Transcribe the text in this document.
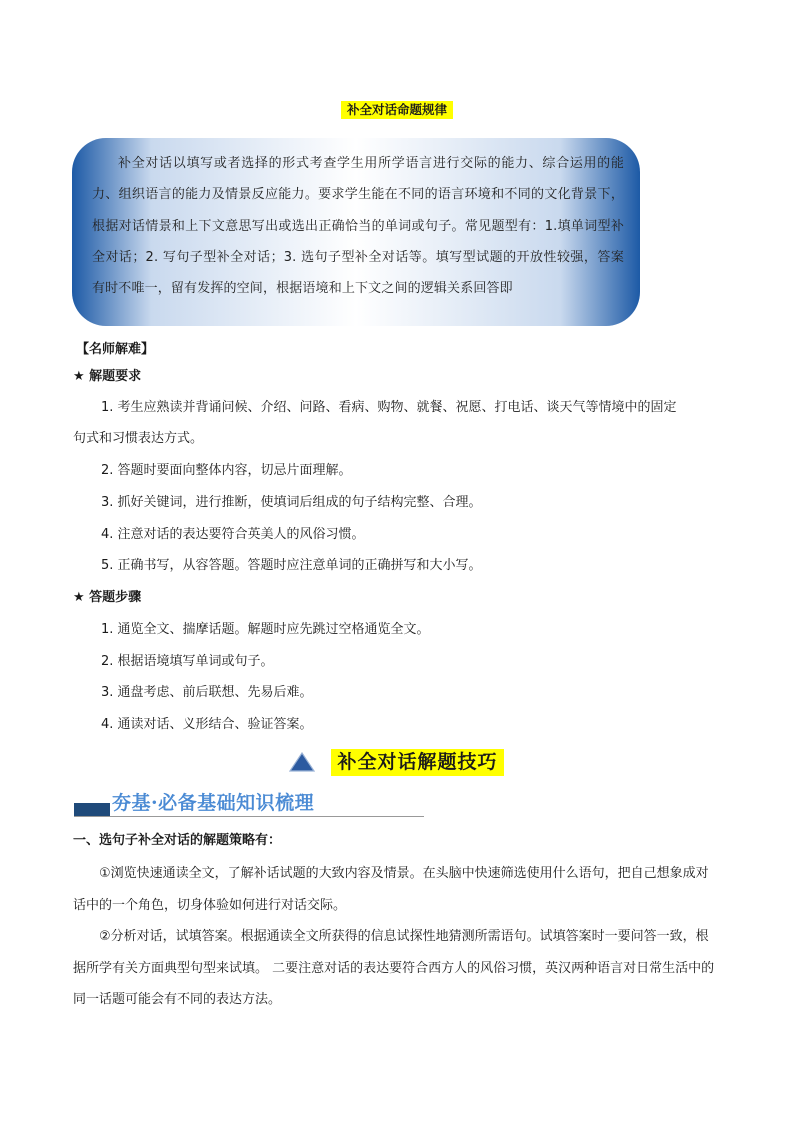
补全对话命题规律

补全对话以填写或者选择的形式考查学生用所学语言进行交际的能力、综合运用的能力、组织语言的能力及情景反应能力。要求学生能在不同的语言环境和不同的文化背景下，根据对话情景和上下文意思写出或选出正确恰当的单词或句子。常见题型有：1.填单词型补全对话；2. 写句子型补全对话；3. 选句子型补全对话等。填写型试题的开放性较强，答案有时不唯一，留有发挥的空间，根据语境和上下文之间的逻辑关系回答即

【名师解难】
★ 解题要求
1. 考生应熟读并背诵问候、介绍、问路、看病、购物、就餐、祝愿、打电话、谈天气等情境中的固定
句式和习惯表达方式。
2. 答题时要面向整体内容，切忌片面理解。
3. 抓好关键词，进行推断，使填词后组成的句子结构完整、合理。
4. 注意对话的表达要符合英美人的风俗习惯。
5. 正确书写，从容答题。答题时应注意单词的正确拼写和大小写。
★ 答题步骤
1. 通览全文、揣摩话题。解题时应先跳过空格通览全文。
2. 根据语境填写单词或句子。
3. 通盘考虑、前后联想、先易后难。
4. 通读对话、义形结合、验证答案。
补全对话解题技巧
夯基·必备基础知识梳理
一、选句子补全对话的解题策略有：
①浏览快速通读全文，了解补话试题的大致内容及情景。在头脑中快速筛选使用什么语句，把自己想象成对话中的一个角色，切身体验如何进行对话交际。
②分析对话，试填答案。根据通读全文所获得的信息试探性地猜测所需语句。试填答案时一要问答一致，根据所学有关方面典型句型来试填。 二要注意对话的表达要符合西方人的风俗习惯，英汉两种语言对日常生活中的同一话题可能会有不同的表达方法。
